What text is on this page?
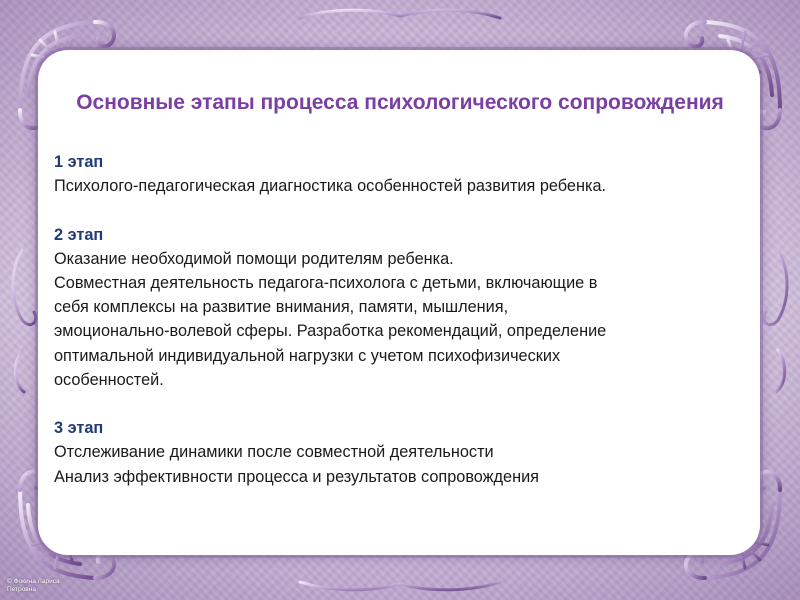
Основные этапы процесса психологического сопровождения
1 этап
Психолого-педагогическая диагностика особенностей развития ребенка.
2 этап
Оказание необходимой помощи родителям ребенка.
Совместная деятельность педагога-психолога с детьми, включающие в
себя комплексы на развитие внимания, памяти, мышления,
эмоционально-волевой сферы. Разработка рекомендаций, определение
оптимальной индивидуальной нагрузки с учетом психофизических
особенностей.
3 этап
Отслеживание динамики после совместной деятельности
Анализ эффективности процесса и результатов сопровождения
© Фокина Лариса
Петровна
